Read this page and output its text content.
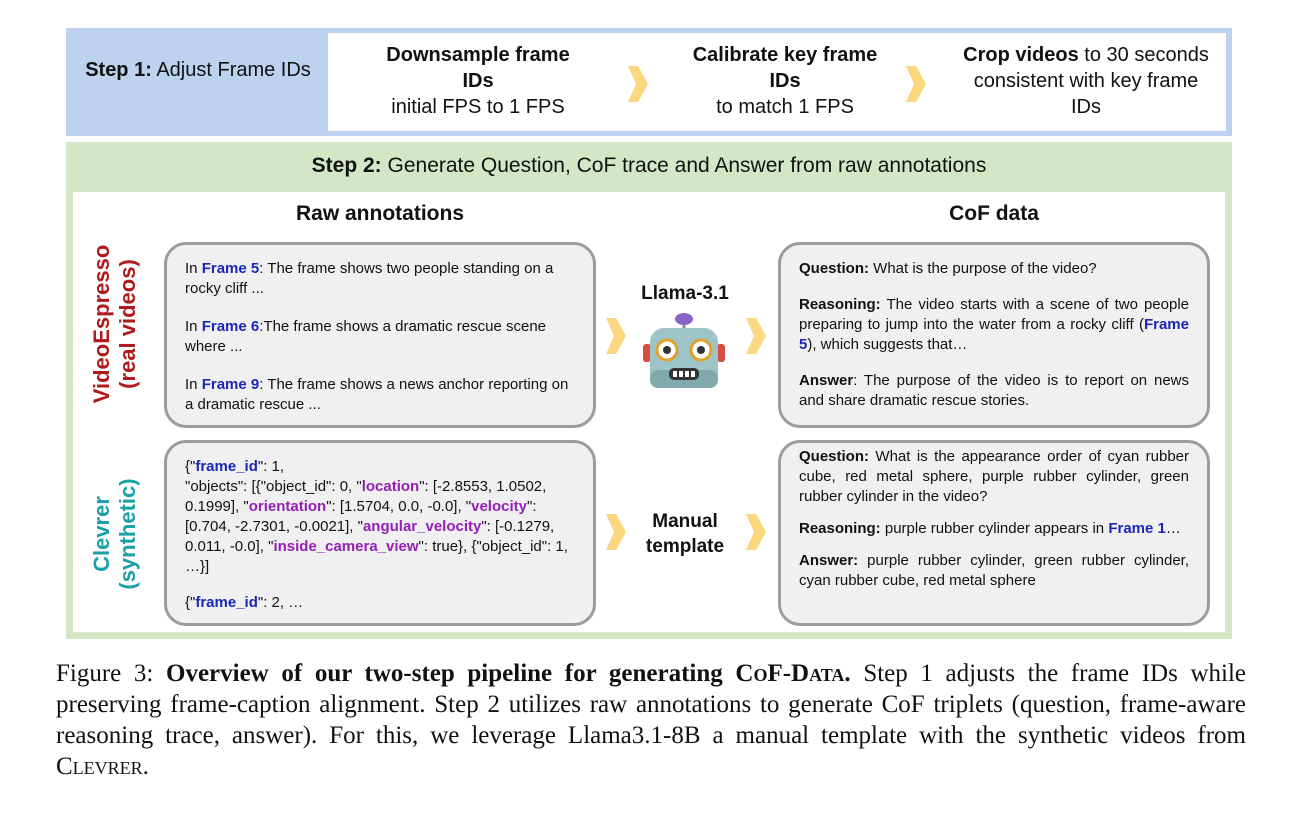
Step 1: Adjust Frame IDs
Downsample frame IDs
initial FPS to 1 FPS
Calibrate key frame IDs
to match 1 FPS
Crop videos to 30 seconds consistent with key frame IDs
Step 2: Generate Question, CoF trace and Answer from raw annotations
Raw annotations	CoF data
VideoEspresso (real videos)
Clevrer (synthetic)

In Frame 5: The frame shows two people standing on a rocky cliff ...

In Frame 6:The frame shows a dramatic rescue scene where ...

In Frame 9: The frame shows a news anchor reporting on a dramatic rescue ...

{"frame_id": 1,
"objects": [{"object_id": 0, "location": [-2.8553, 1.0502, 0.1999], "orientation": [1.5704, 0.0, -0.0], "velocity": [0.704, -2.7301, -0.0021], "angular_velocity": [-0.1279, 0.011, -0.0], "inside_camera_view": true}, {"object_id": 1, …}]

{"frame_id": 2, …

Llama-3.1
Manual template

Question: What is the purpose of the video?

Reasoning: The video starts with a scene of two people preparing to jump into the water from a rocky cliff (Frame 5), which suggests that…

Answer: The purpose of the video is to report on news and share dramatic rescue stories.

Question: What is the appearance order of cyan rubber cube, red metal sphere, purple rubber cylinder, green rubber cylinder in the video?

Reasoning: purple rubber cylinder appears in Frame 1…

Answer: purple rubber cylinder, green rubber cylinder, cyan rubber cube, red metal sphere

Figure 3: Overview of our two-step pipeline for generating CoF-Data. Step 1 adjusts the frame IDs while preserving frame-caption alignment. Step 2 utilizes raw annotations to generate CoF triplets (question, frame-aware reasoning trace, answer). For this, we leverage Llama3.1-8B a manual template with the synthetic videos from Clevrer.
